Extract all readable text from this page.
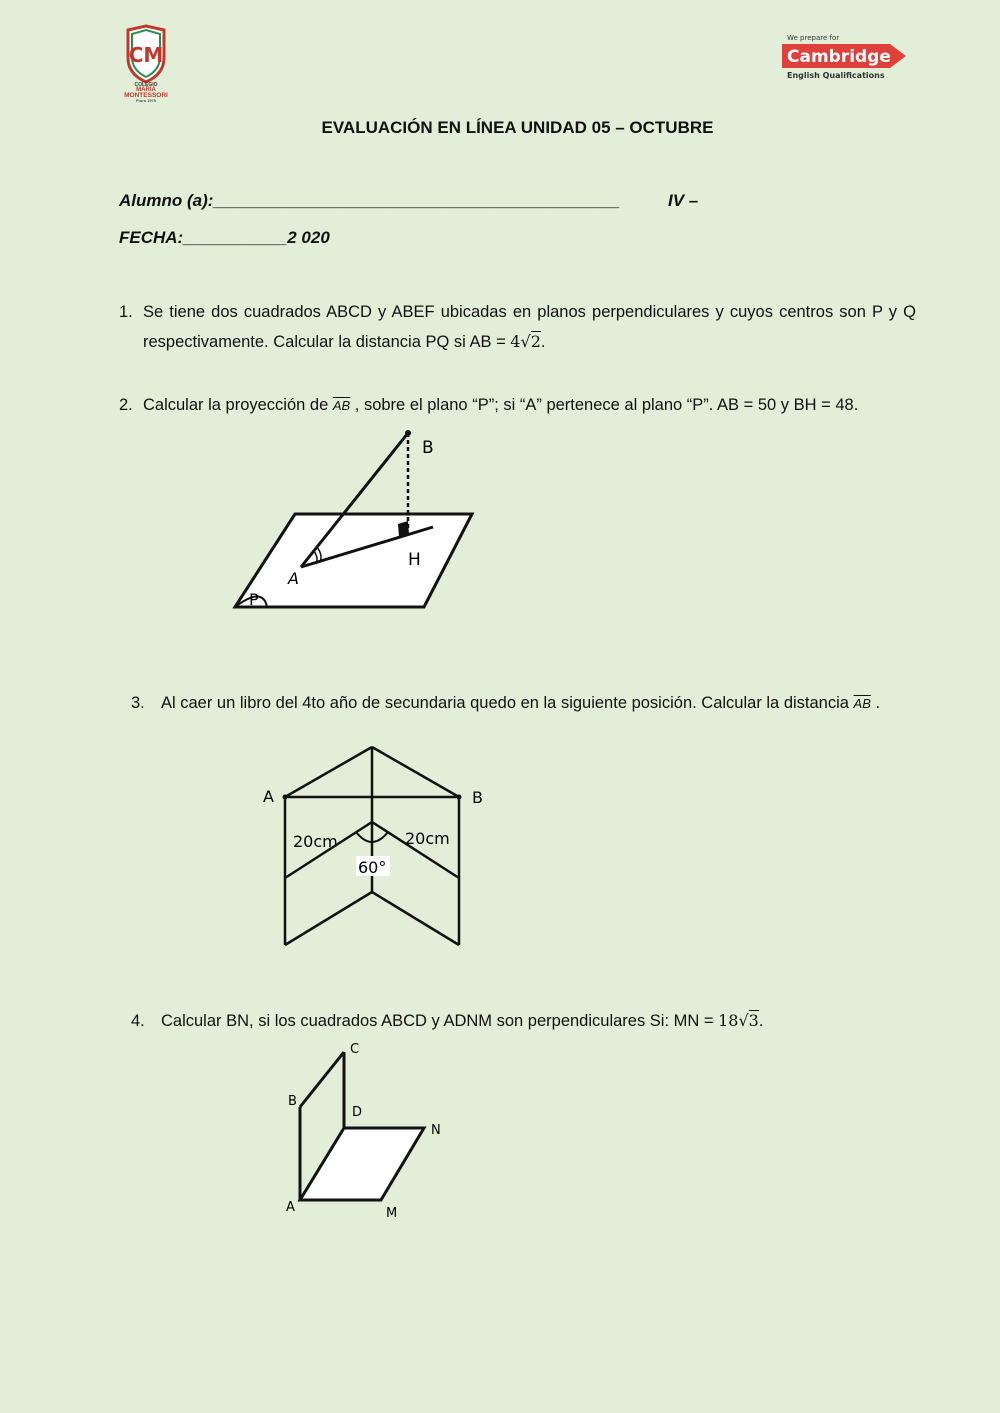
CM
COLEGIO
MARIA
MONTESSORI
Piura 1975
We prepare for
Cambridge
English Qualifications
EVALUACIÓN EN LÍNEA UNIDAD 05 – OCTUBRE
Alumno (a):___________________________________________	IV –
FECHA:___________2 020
1. Se tiene dos cuadrados ABCD y ABEF ubicadas en planos perpendiculares y cuyos centros son P y Q respectivamente. Calcular la distancia PQ si AB = 4√2.
2. Calcular la proyección de $\overline{AB}$ , sobre el plano “P”; si “A” pertenece al plano “P”. AB = 50 y BH = 48.
B
H
A
P
3. Al caer un libro del 4to año de secundaria quedo en la siguiente posición. Calcular la distancia $\overline{AB}$ .
A	B
20cm	20cm
60°
4. Calcular BN, si los cuadrados ABCD y ADNM son perpendiculares Si: MN = 18√3.
C
B
D
N
A	M
